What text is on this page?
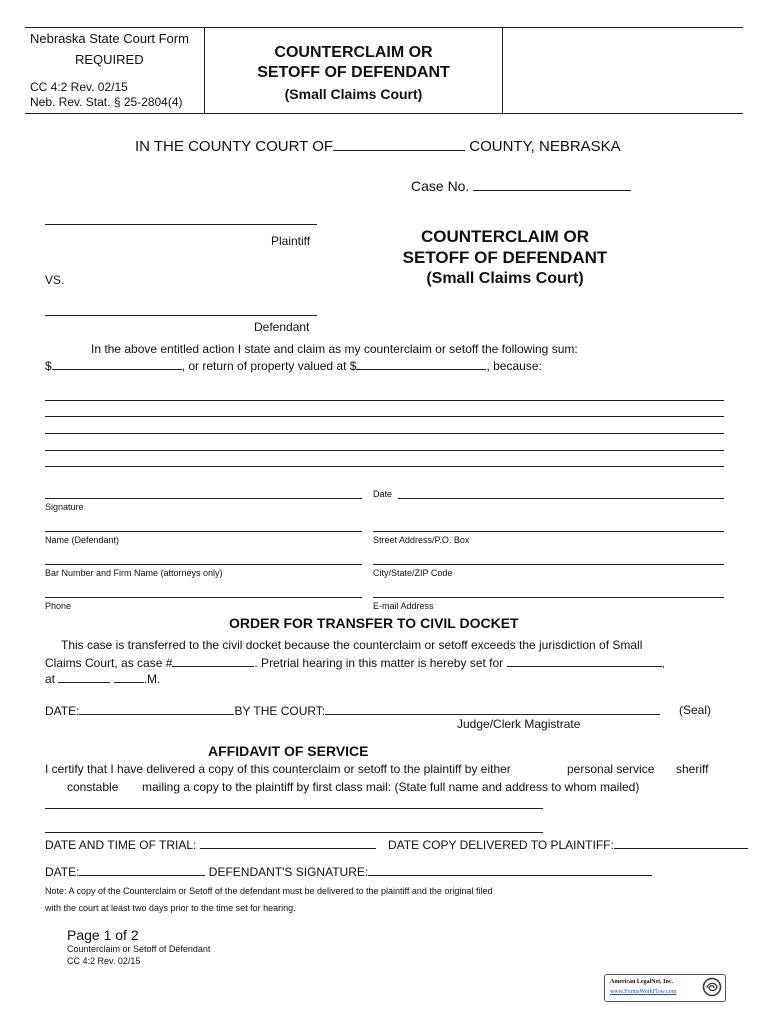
Nebraska State Court Form
REQUIRED
CC 4:2 Rev. 02/15
Neb. Rev. Stat. § 25-2804(4)
COUNTERCLAIM OR
SETOFF OF DEFENDANT
(Small Claims Court)
IN THE COUNTY COURT OF	COUNTY, NEBRASKA
Case No.
Plaintiff
VS.
Defendant
COUNTERCLAIM OR
SETOFF OF DEFENDANT
(Small Claims Court)
In the above entitled action I state and claim as my counterclaim or setoff the following sum:
$	, or return of property valued at $	, because:
Signature
Date
Name (Defendant)	Street Address/P.O. Box
Bar Number and Firm Name (attorneys only)	City/State/ZIP Code
Phone	E-mail Address
ORDER FOR TRANSFER TO CIVIL DOCKET
This case is transferred to the civil docket because the counterclaim or setoff exceeds the jurisdiction of Small
Claims Court, as case #	. Pretrial hearing in this matter is hereby set for	,
at	.M.
DATE:	BY THE COURT:	(Seal)
Judge/Clerk Magistrate
AFFIDAVIT OF SERVICE
I certify that I have delivered a copy of this counterclaim or setoff to the plaintiff by either	personal service sheriff
constable mailing a copy to the plaintiff by first class mail: (State full name and address to whom mailed)
DATE AND TIME OF TRIAL:	DATE COPY DELIVERED TO PLAINTIFF:
DATE:	DEFENDANT'S SIGNATURE:
Note: A copy of the Counterclaim or Setoff of the defendant must be delivered to the plaintiff and the original filed
with the court at least two days prior to the time set for hearing.
Page 1 of 2
Counterclaim or Setoff of Defendant
CC 4:2 Rev. 02/15
American LegalNet, Inc.
www.FormsWorkFlow.com
